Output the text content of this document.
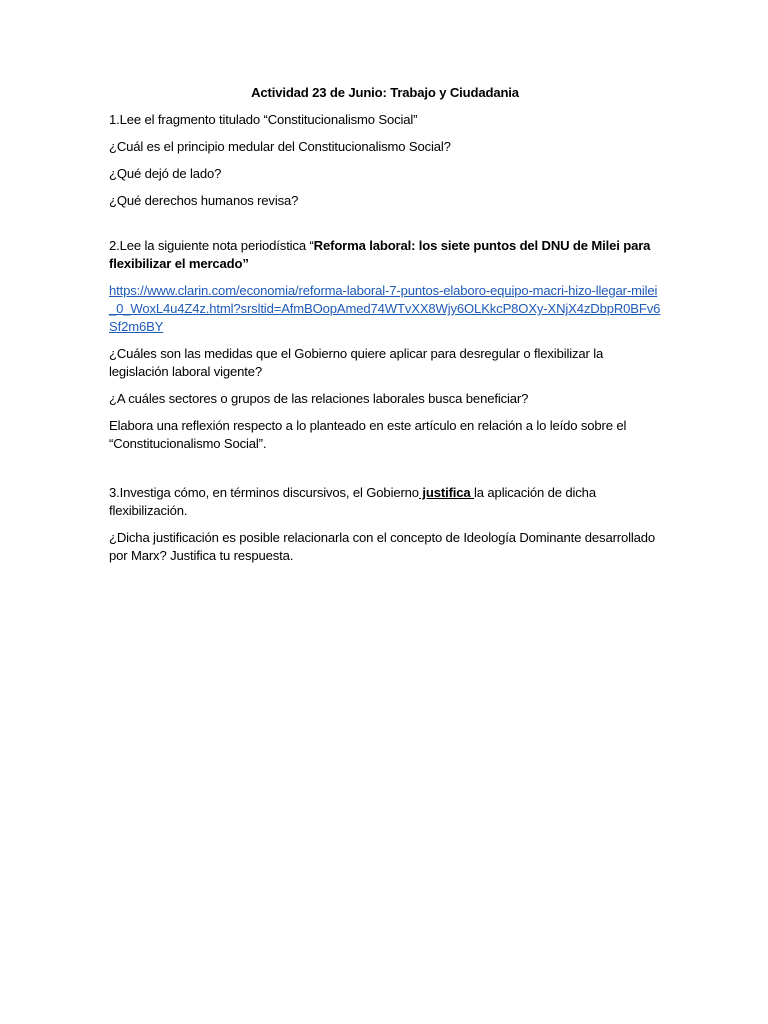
Actividad 23 de Junio: Trabajo y Ciudadania

1.Lee el fragmento titulado “Constitucionalismo Social”

¿Cuál es el principio medular del Constitucionalismo Social?

¿Qué dejó de lado?

¿Qué derechos humanos revisa?

2.Lee la siguiente nota periodística “Reforma laboral: los siete puntos del DNU de Milei para flexibilizar el mercado”

https://www.clarin.com/economia/reforma-laboral-7-puntos-elaboro-equipo-macri-hizo-llegar-milei_0_WoxL4u4Z4z.html?srsltid=AfmBOopAmed74WTvXX8Wjy6OLKkcP8OXy-XNjX4zDbpR0BFv6Sf2m6BY

¿Cuáles son las medidas que el Gobierno quiere aplicar para desregular o flexibilizar la legislación laboral vigente?

¿A cuáles sectores o grupos de las relaciones laborales busca beneficiar?

Elabora una reflexión respecto a lo planteado en este artículo en relación a lo leído sobre el “Constitucionalismo Social”.

3.Investiga cómo, en términos discursivos, el Gobierno justifica la aplicación de dicha flexibilización.

¿Dicha justificación es posible relacionarla con el concepto de Ideología Dominante desarrollado por Marx? Justifica tu respuesta.
